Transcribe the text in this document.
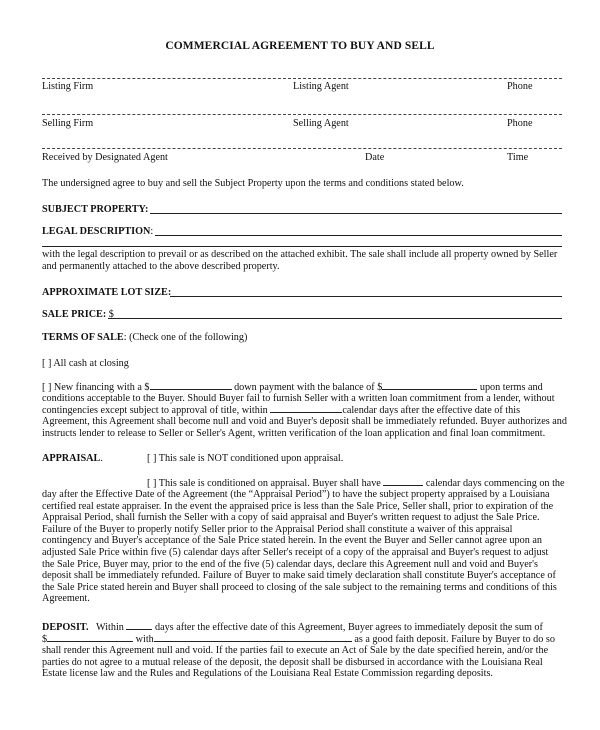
COMMERCIAL AGREEMENT TO BUY AND SELL
Listing Firm	Listing Agent	Phone
Selling Firm	Selling Agent	Phone
Received by Designated Agent	Date	Time
The undersigned agree to buy and sell the Subject Property upon the terms and conditions stated below.
SUBJECT PROPERTY:
LEGAL DESCRIPTION:
with the legal description to prevail or as described on the attached exhibit. The sale shall include all property owned by Seller and permanently attached to the above described property.
APPROXIMATE LOT SIZE:
SALE PRICE: $
TERMS OF SALE: (Check one of the following)
[ ] All cash at closing
[ ] New financing with a $	down payment with the balance of $	upon terms and
conditions acceptable to the Buyer. Should Buyer fail to furnish Seller with a written loan commitment from a lender, without
contingencies except subject to approval of title, within	calendar days after the effective date of this
Agreement, this Agreement shall become null and void and Buyer's deposit shall be immediately refunded. Buyer authorizes and
instructs lender to release to Seller or Seller's Agent, written verification of the loan application and final loan commitment.
APPRAISAL.	[ ] This sale is NOT conditioned upon appraisal.
[ ] This sale is conditioned on appraisal. Buyer shall have	calendar days commencing on the
day after the Effective Date of the Agreement (the “Appraisal Period”) to have the subject property appraised by a Louisiana certified real estate appraiser. In the event the appraised price is less than the Sale Price, Seller shall, prior to expiration of the Appraisal Period, shall furnish the Seller with a copy of said appraisal and Buyer's written request to adjust the Sale Price. Failure of the Buyer to properly notify Seller prior to the Appraisal Period shall constitute a waiver of this appraisal contingency and Buyer's acceptance of the Sale Price stated herein. In the event the Buyer and Seller cannot agree upon an adjusted Sale Price within five (5) calendar days after Seller's receipt of a copy of the appraisal and Buyer's request to adjust the Sale Price, Buyer may, prior to the end of the five (5) calendar days, declare this Agreement null and void and Buyer's deposit shall be immediately refunded. Failure of Buyer to make said timely declaration shall constitute Buyer's acceptance of the Sale Price stated herein and Buyer shall proceed to closing of the sale subject to the remaining terms and conditions of this Agreement.
DEPOSIT. Within	days after the effective date of this Agreement, Buyer agrees to immediately deposit the sum of
$	with	as a good faith deposit. Failure by Buyer to do so
shall render this Agreement null and void. If the parties fail to execute an Act of Sale by the date specified herein, and/or the parties do not agree to a mutual release of the deposit, the deposit shall be disbursed in accordance with the Louisiana Real Estate license law and the Rules and Regulations of the Louisiana Real Estate Commission regarding deposits.
